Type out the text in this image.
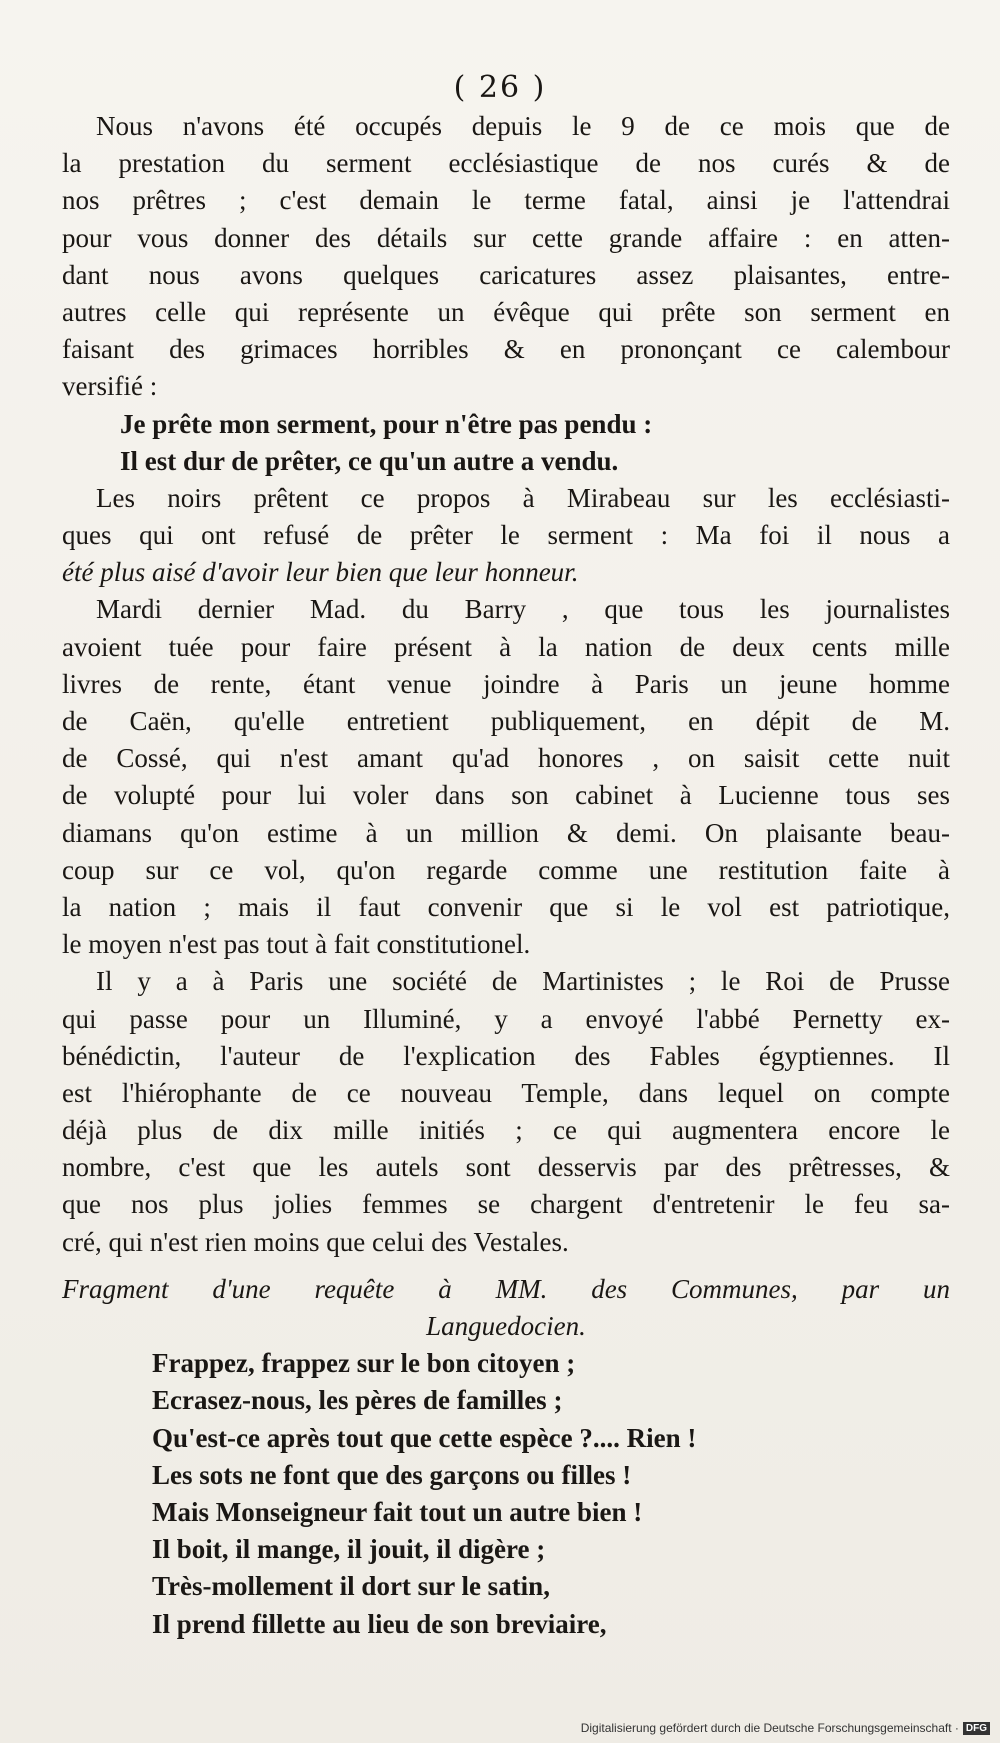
( 26 )
Nous n'avons été occupés depuis le 9 de ce mois que de
la prestation du serment ecclésiastique de nos curés & de
nos prêtres ; c'est demain le terme fatal, ainsi je l'attendrai
pour vous donner des détails sur cette grande affaire : en atten-
dant nous avons quelques caricatures assez plaisantes, entre-
autres celle qui représente un évêque qui prête son serment en
faisant des grimaces horribles & en prononçant ce calembour
versifié :
Je prête mon serment, pour n'être pas pendu :
Il est dur de prêter, ce qu'un autre a vendu.
Les noirs prêtent ce propos à Mirabeau sur les ecclésiasti-
ques qui ont refusé de prêter le serment : Ma foi il nous a
été plus aisé d'avoir leur bien que leur honneur.
Mardi dernier Mad. du Barry , que tous les journalistes
avoient tuée pour faire présent à la nation de deux cents mille
livres de rente, étant venue joindre à Paris un jeune homme
de Caën, qu'elle entretient publiquement, en dépit de M.
de Cossé, qui n'est amant qu'ad honores , on saisit cette nuit
de volupté pour lui voler dans son cabinet à Lucienne tous ses
diamans qu'on estime à un million & demi. On plaisante beau-
coup sur ce vol, qu'on regarde comme une restitution faite à
la nation ; mais il faut convenir que si le vol est patriotique,
le moyen n'est pas tout à fait constitutionel.
Il y a à Paris une société de Martinistes ; le Roi de Prusse
qui passe pour un Illuminé, y a envoyé l'abbé Pernetty ex-
bénédictin, l'auteur de l'explication des Fables égyptiennes. Il
est l'hiérophante de ce nouveau Temple, dans lequel on compte
déjà plus de dix mille initiés ; ce qui augmentera encore le
nombre, c'est que les autels sont desservis par des prêtresses, &
que nos plus jolies femmes se chargent d'entretenir le feu sa-
cré, qui n'est rien moins que celui des Vestales.
Fragment d'une requête à MM. des Communes, par un
Languedocien.
Frappez, frappez sur le bon citoyen ;
Ecrasez-nous, les pères de familles ;
Qu'est-ce après tout que cette espèce ?.... Rien !
Les sots ne font que des garçons ou filles !
Mais Monseigneur fait tout un autre bien !
Il boit, il mange, il jouit, il digère ;
Très-mollement il dort sur le satin,
Il prend fillette au lieu de son breviaire,
Digitalisierung gefördert durch die Deutsche Forschungsgemeinschaft · DFG
